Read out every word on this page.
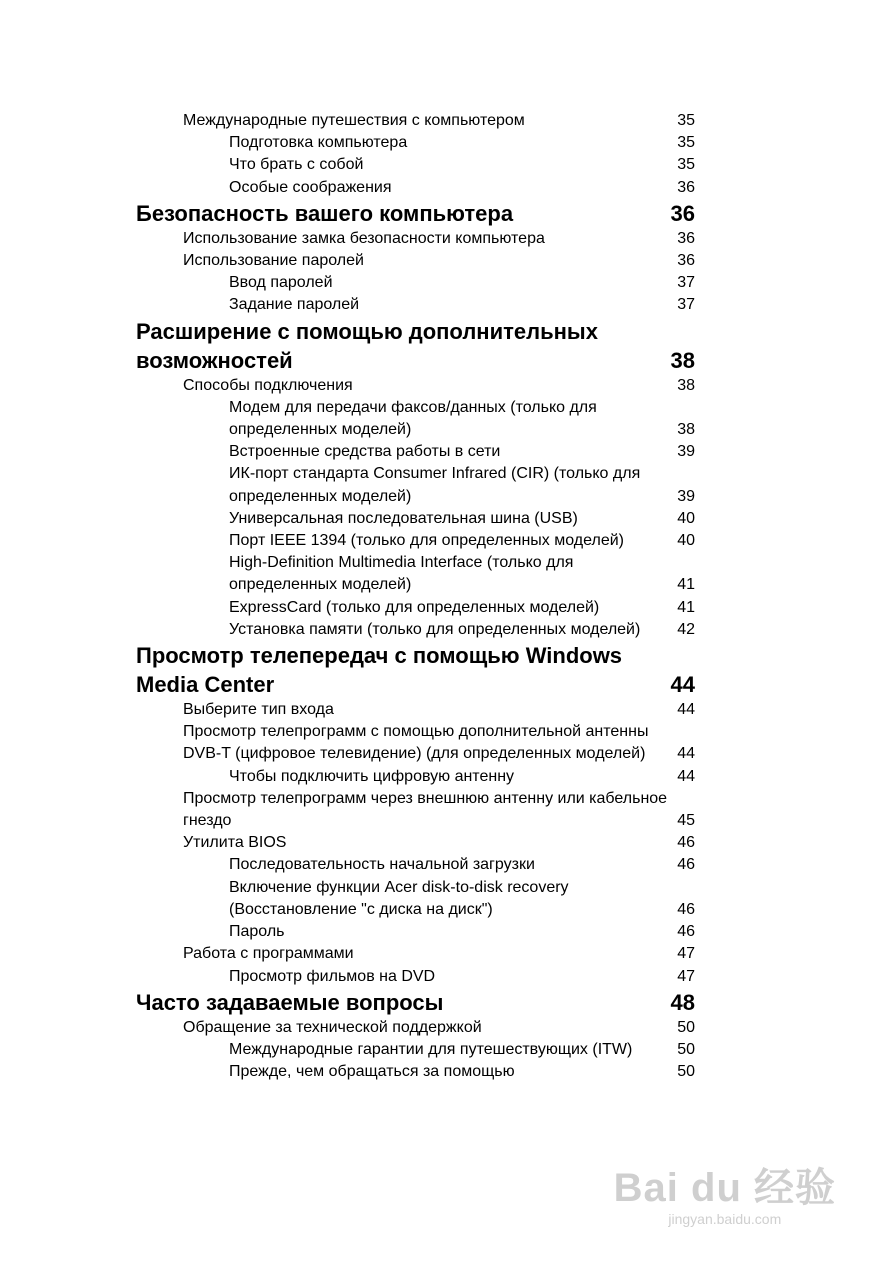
Международные путешествия с компьютером	35
Подготовка компьютера	35
Что брать с собой	35
Особые соображения	36
Безопасность вашего компьютера	36
Использование замка безопасности компьютера	36
Использование паролей	36
Ввод паролей	37
Задание паролей	37
Расширение с помощью дополнительных возможностей	38
Способы подключения	38
Модем для передачи факсов/данных (только для определенных моделей)	38
Встроенные средства работы в сети	39
ИК-порт стандарта Consumer Infrared (CIR) (только для определенных моделей)	39
Универсальная последовательная шина (USB)	40
Порт IEEE 1394 (только для определенных моделей)	40
High-Definition Multimedia Interface (только для определенных моделей)	41
ExpressCard (только для определенных моделей)	41
Установка памяти (только для определенных моделей)	42
Просмотр телепередач с помощью Windows Media Center	44
Выберите тип входа	44
Просмотр телепрограмм с помощью дополнительной антенны DVB-T (цифровое телевидение) (для определенных моделей)	44
Чтобы подключить цифровую антенну	44
Просмотр телепрограмм через внешнюю антенну или кабельное гнездо	45
Утилита BIOS	46
Последовательность начальной загрузки	46
Включение функции Acer disk-to-disk recovery (Восстановление "с диска на диск")	46
Пароль	46
Работа с программами	47
Просмотр фильмов на DVD	47
Часто задаваемые вопросы	48
Обращение за технической поддержкой	50
Международные гарантии для путешествующих (ITW)	50
Прежде, чем обращаться за помощью	50
Bai du 经验
jingyan.baidu.com
